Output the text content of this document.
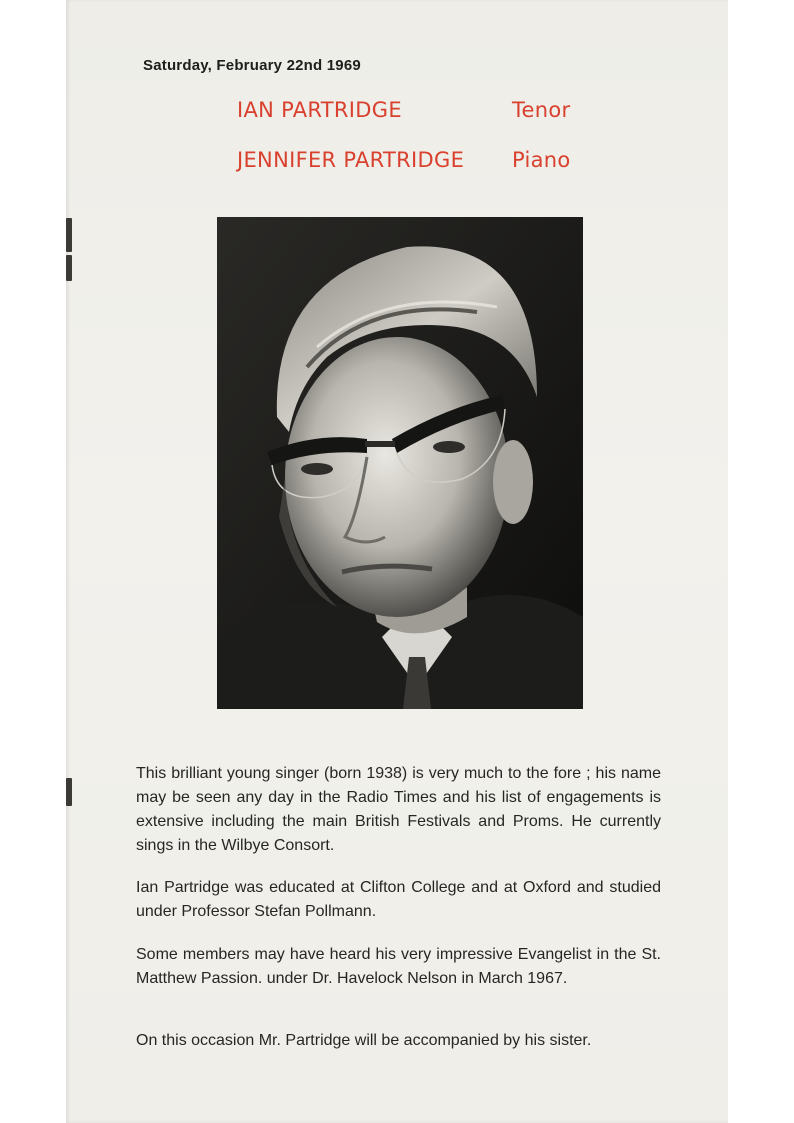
Saturday, February 22nd 1969
IAN PARTRIDGE	Tenor
JENNIFER PARTRIDGE Piano

This brilliant young singer (born 1938) is very much to the fore ; his name may be seen any day in the Radio Times and his list of engagements is extensive including the main British Festivals and Proms. He currently sings in the Wilbye Consort.

Ian Partridge was educated at Clifton College and at Oxford and studied under Professor Stefan Pollmann.

Some members may have heard his very impressive Evangelist in the St. Matthew Passion. under Dr. Havelock Nelson in March 1967.

On this occasion Mr. Partridge will be accompanied by his sister.
